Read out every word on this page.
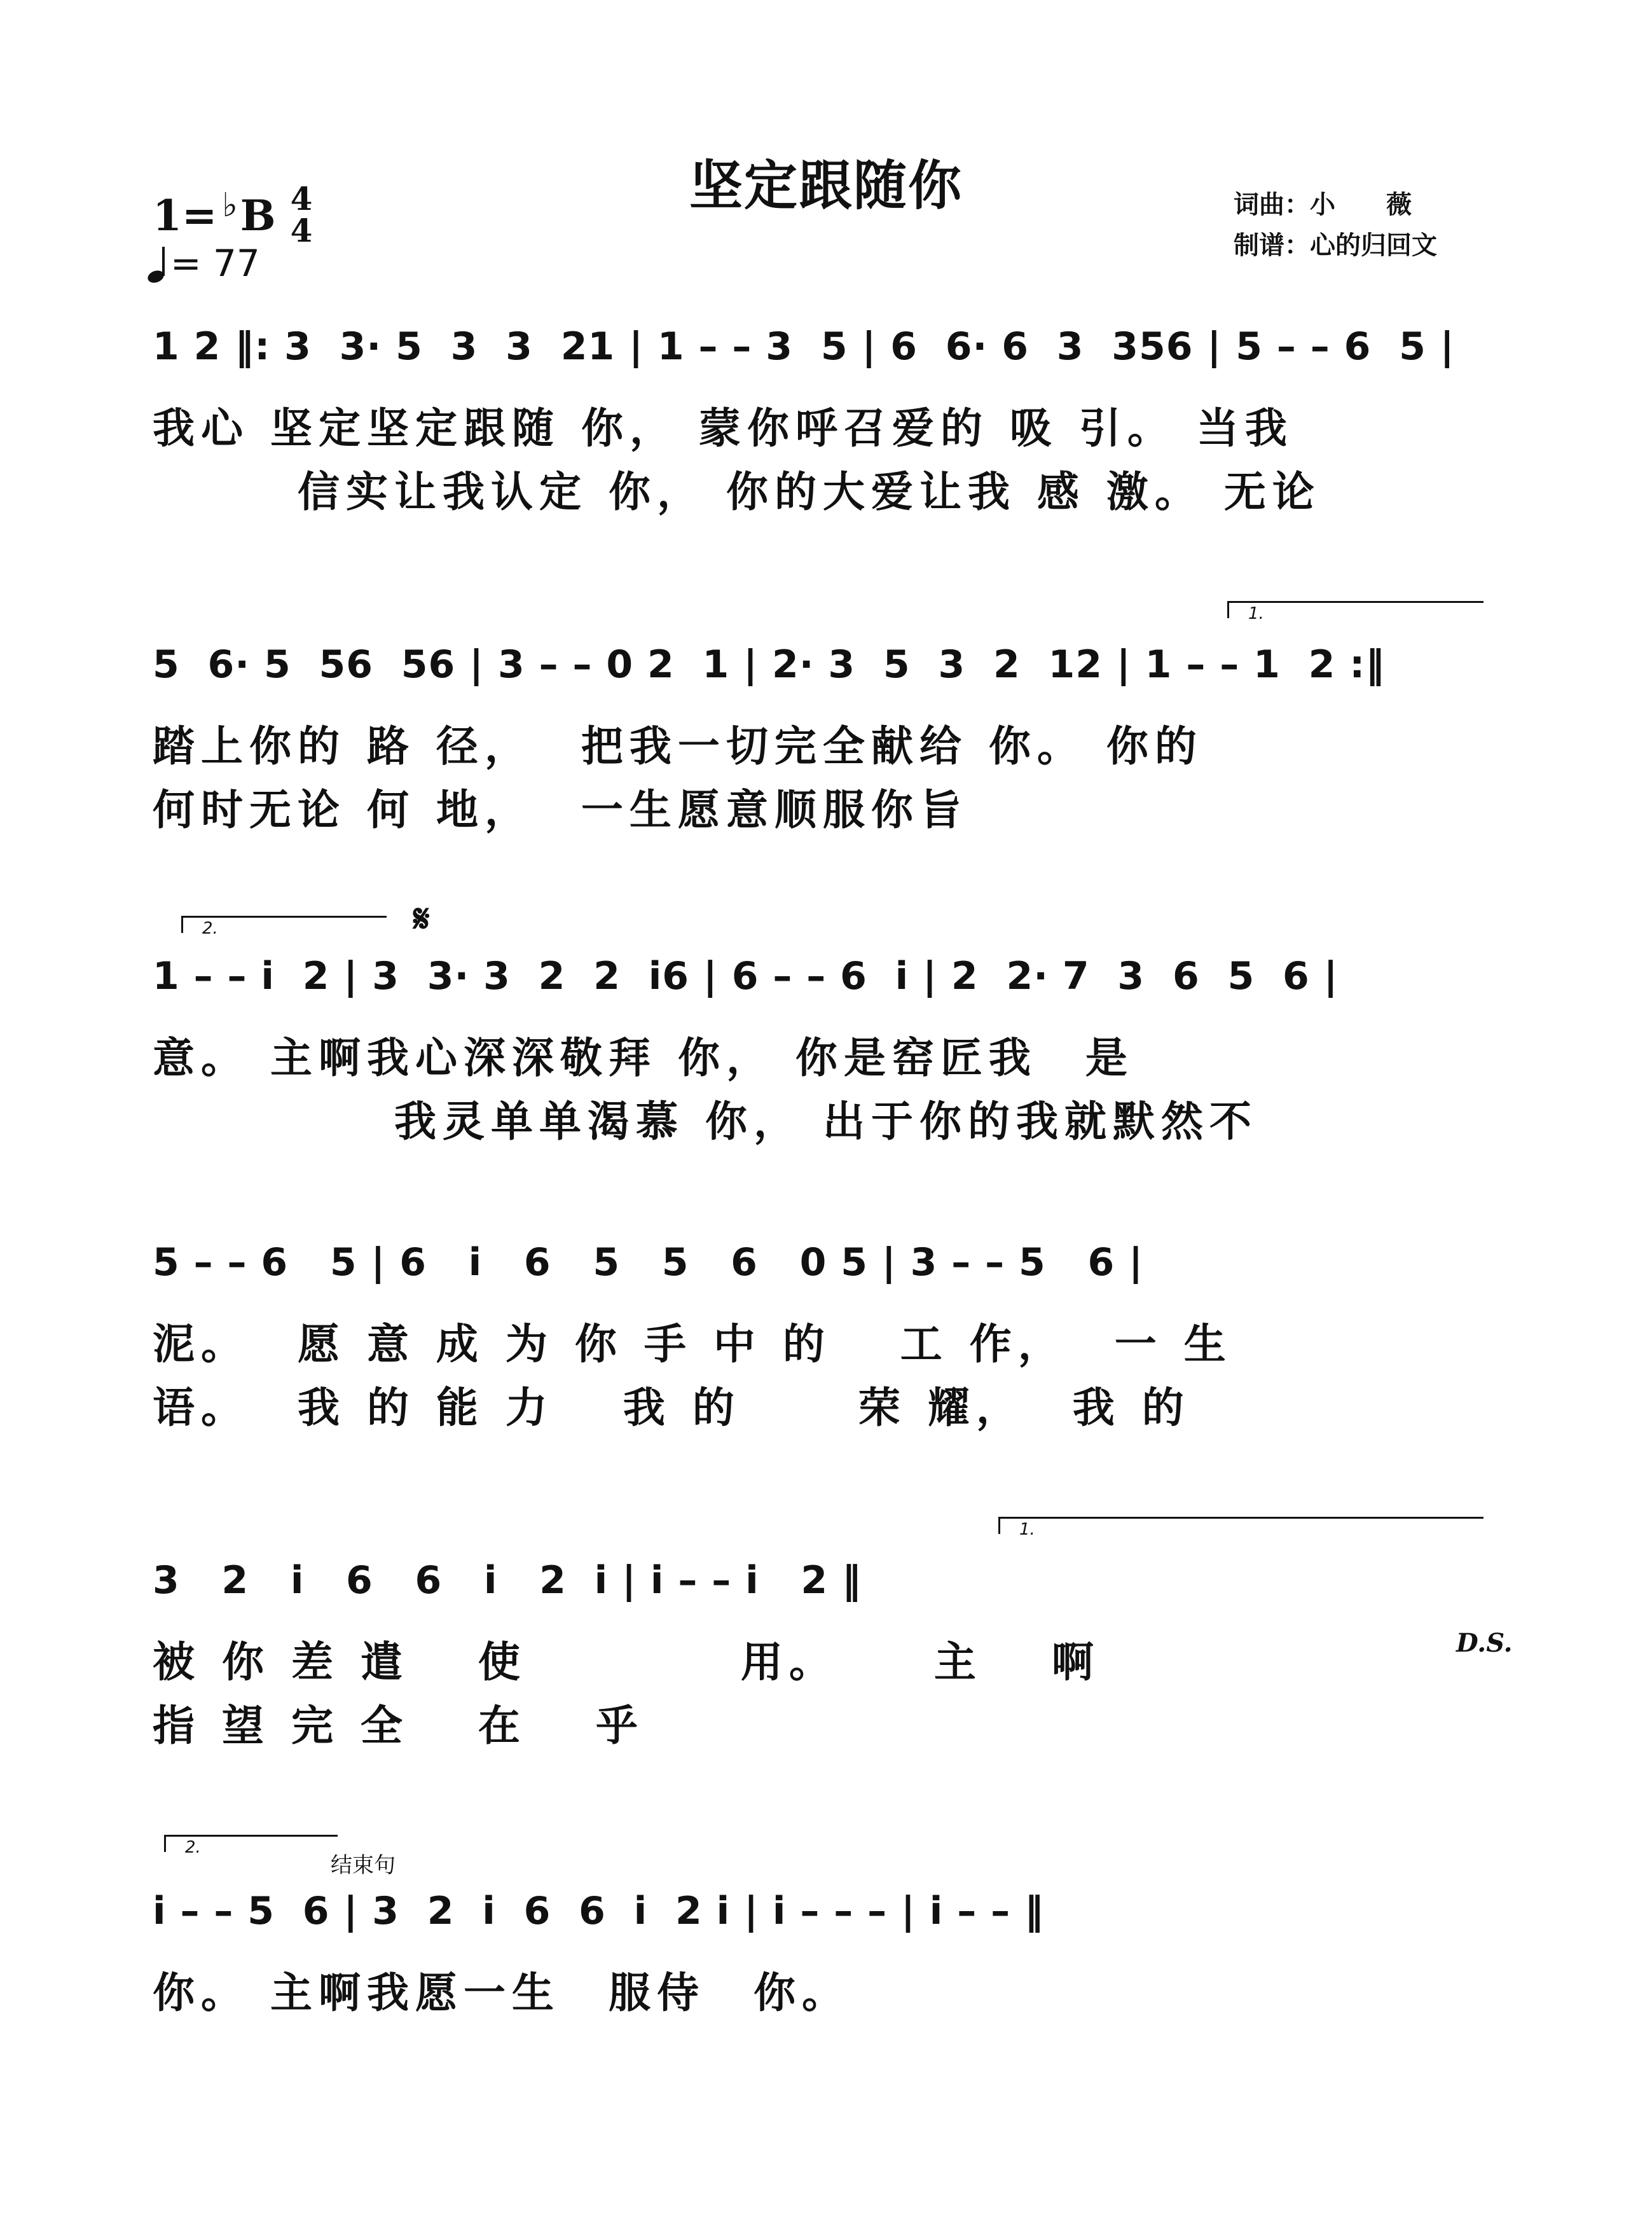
坚定跟随你
1= ♭B 4
4
= 77
词曲：小　　薇
制谱：心的归回文
1 2 ‖: 3  3· 5  3  3  21 | 1 – – 3  5 | 6  6· 6  3  356 | 5 – – 6  5 |
我心 坚定坚定跟随 你， 蒙你呼召爱的 吸 引。 当我
　　　信实让我认定 你， 你的大爱让我 感 激。 无论
1.
5  6· 5  56  56 | 3 – – 0 2  1 | 2· 3  5  3  2  12 | 1 – – 1  2 :‖
踏上你的 路 径，　 把我一切完全献给 你。 你的
何时无论 何 地，　 一生愿意顺服你旨
2.	𝄋
1 – – i  2 | 3  3· 3  2  2  i6 | 6 – – 6  i | 2  2· 7  3  6  5  6 |
意。 主啊我心深深敬拜 你， 你是窑匠我　是
　　　　　我灵单单渴慕 你， 出于你的我就默然不
5 – – 6   5 | 6   i   6   5   5   6   0 5 | 3 – – 5   6 |
泥。　 愿 意 成 为 你 手 中 的　 工 作，　 一 生
语。　 我 的 能 力　 我 的　　 荣 耀，　 我 的
1.
3   2   i   6   6   i   2  i | i – – i   2 ‖
D.S.
被 你 差 遣　 使　　　　 用。　　 主　 啊
指 望 完 全　 在　 乎
2.
结束句
i – – 5  6 | 3  2  i  6  6  i  2 i | i – – – | i – – ‖
你。 主啊我愿一生　服侍　你。
